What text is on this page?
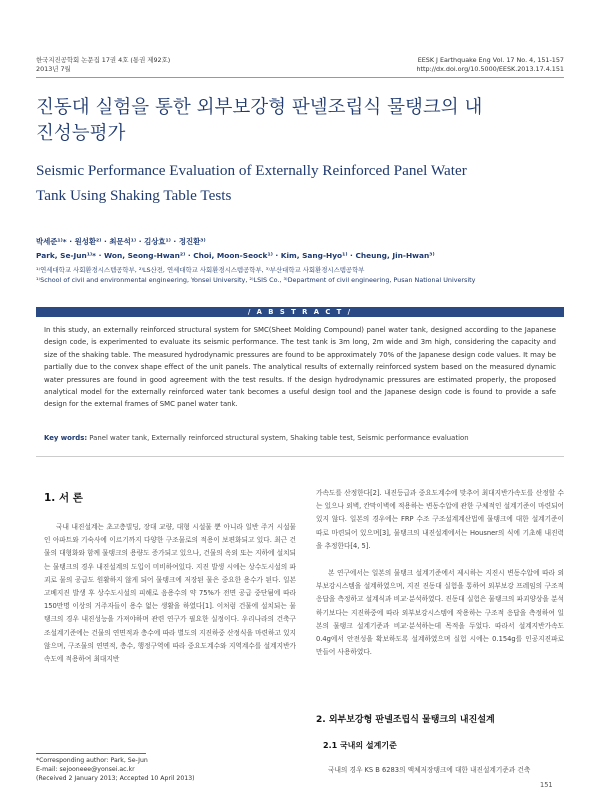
한국지진공학회 논문집 17권 4호 (통권 제92호)
2013년 7월
EESK J Earthquake Eng Vol. 17 No. 4, 151-157
http://dx.doi.org/10.5000/EESK.2013.17.4.151
진동대 실험을 통한 외부보강형 판넬조립식 물탱크의 내
진성능평가
Seismic Performance Evaluation of Externally Reinforced Panel Water
Tank Using Shaking Table Tests
박세준¹⁾* · 원성환²⁾ · 최문석¹⁾ · 김상효¹⁾ · 정진환³⁾
Park, Se-Jun¹⁾* · Won, Seong-Hwan²⁾ · Choi, Moon-Seock¹⁾ · Kim, Sang-Hyo¹⁾ · Cheung, Jin-Hwan³⁾
¹⁾연세대학교 사회환경시스템공학부, ²⁾LS산전, 연세대학교 사회환경시스템공학부, ³⁾부산대학교 사회환경시스템공학부
¹⁾School of civil and environmental engineering, Yonsei University, ²⁾LSIS Co., ³⁾Department of civil engineering, Pusan National University
/ A B S T R A C T /
In this study, an externally reinforced structural system for SMC(Sheet Molding Compound) panel water tank, designed according to the Japanese design code, is experimented to evaluate its seismic performance. The test tank is 3m long, 2m wide and 3m high, considering the capacity and size of the shaking table. The measured hydrodynamic pressures are found to be approximately 70% of the Japanese design code values. It may be partially due to the convex shape effect of the unit panels. The analytical results of externally reinforced system based on the measured dynamic water pressures are found in good agreement with the test results. If the design hydrodynamic pressures are estimated properly, the proposed analytical model for the externally reinforced water tank becomes a useful design tool and the Japanese design code is found to provide a safe design for the external frames of SMC panel water tank.
Key words: Panel water tank, Externally reinforced structural system, Shaking table test, Seismic performance evaluation
1. 서 론
국내 내진설계는 초고층빌딩, 장대 교량, 대형 시설물 뿐 아니라 일반 주거 시설물인 아파트와 기숙사에 이르기까지 다양한 구조물로의 적용이 보편화되고 있다. 최근 건물의 대형화와 함께 물탱크의 용량도 증가되고 있으나, 건물의 옥외 또는 지하에 설치되는 물탱크의 경우 내진설계의 도입이 미비하여있다. 지진 발생 시에는 상수도시설의 파괴로 물의 공급도 원활하지 않게 되어 물탱크에 저장된 물은 중요한 용수가 된다. 일본 고베지진 발생 후 상수도시설의 피해로 음용수의 약 75%가 전면 공급 중단됨에 따라 150만명 이상의 거주자들이 용수 없는 생활을 하였다[1]. 이처럼 건물에 설치되는 물탱크의 경우 내진성능을 가져야하며 관련 연구가 필요한 실정이다. 우리나라의 건축구조설계기준에는 건물의 연면적과 층수에 따라 별도의 지진하중 산정식을 마련하고 있지 않으며, 구조물의 연면적, 층수, 행정구역에 따라 중요도계수와 지역계수를 설계지반가속도에 적용하여 최대지반
*Corresponding author: Park, Se-Jun
E-mail: sejooneee@yonsei.ac.kr
(Received 2 January 2013; Accepted 10 April 2013)
가속도를 산정한다[2]. 내진등급과 중요도계수에 맞추어 최대지반가속도를 산정할 수는 있으나 외벽, 칸막이벽에 적용하는 변동수압에 관한 구체적인 설계기준이 마련되어 있지 않다. 일본의 경우에는 FRP 수조 구조설계계산법에 물탱크에 대한 설계기준이 따로 마련되어 있으며[3], 물탱크의 내진설계에서는 Housner의 식에 기초해 내진력을 추정한다[4, 5].
본 연구에서는 일본의 물탱크 설계기준에서 제시하는 지진시 변동수압에 따라 외부보강시스템을 설계하였으며, 지진 진동대 실험을 통하여 외부보강 프레임의 구조적 응답을 측정하고 설계식과 비교·분석하였다. 진동대 실험은 물탱크의 파괴양상을 분석하기보다는 지진하중에 따라 외부보강시스템에 작용하는 구조적 응답을 측정하여 일본의 물탱크 설계기준과 비교·분석하는데 목적을 두었다. 따라서 설계지반가속도 0.4g에서 안전성을 확보하도록 설계하였으며 실험 시에는 0.154g를 인공지진파로 만들어 사용하였다.
2. 외부보강형 판넬조립식 물탱크의 내진설계
2.1 국내의 설계기준
국내의 경우 KS B 6283의 액체저장탱크에 대한 내진설계기준과 건축
151
